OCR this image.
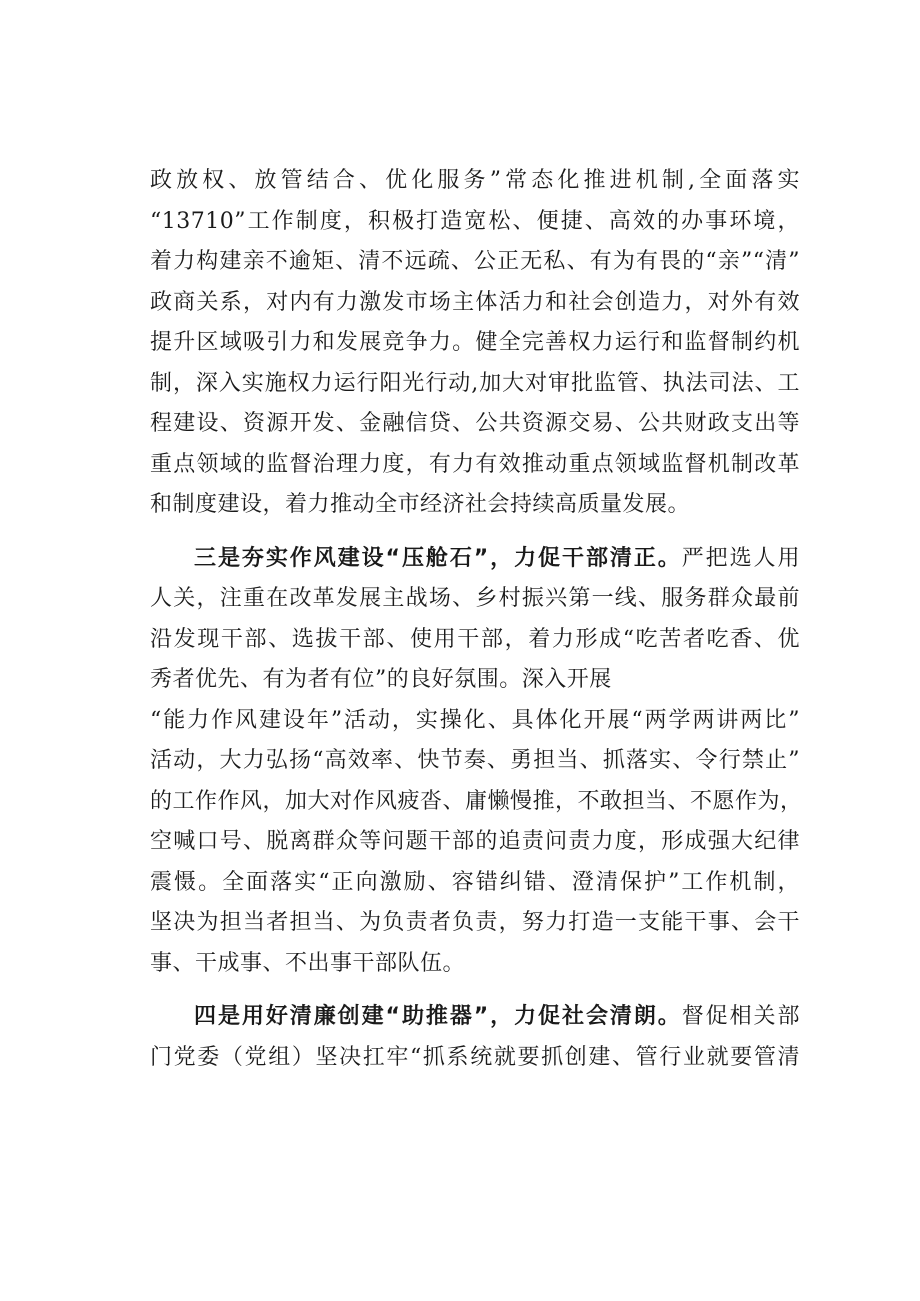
政放权、放管结合、优化服务”常态化推进机制,全面落实
“13710”工作制度，积极打造宽松、便捷、高效的办事环境，
着力构建亲不逾矩、清不远疏、公正无私、有为有畏的“亲”“清”
政商关系，对内有力激发市场主体活力和社会创造力，对外有效
提升区域吸引力和发展竞争力。健全完善权力运行和监督制约机
制，深入实施权力运行阳光行动,加大对审批监管、执法司法、工
程建设、资源开发、金融信贷、公共资源交易、公共财政支出等
重点领域的监督治理力度，有力有效推动重点领域监督机制改革
和制度建设，着力推动全市经济社会持续高质量发展。
三是夯实作风建设“压舱石”，力促干部清正。严把选人用
人关，注重在改革发展主战场、乡村振兴第一线、服务群众最前
沿发现干部、选拔干部、使用干部，着力形成“吃苦者吃香、优
秀者优先、有为者有位”的良好氛围。深入开展
“能力作风建设年”活动，实操化、具体化开展“两学两讲两比”
活动，大力弘扬“高效率、快节奏、勇担当、抓落实、令行禁止”
的工作作风，加大对作风疲沓、庸懒慢推，不敢担当、不愿作为，
空喊口号、脱离群众等问题干部的追责问责力度，形成强大纪律
震慑。全面落实“正向激励、容错纠错、澄清保护”工作机制，
坚决为担当者担当、为负责者负责，努力打造一支能干事、会干
事、干成事、不出事干部队伍。
四是用好清廉创建“助推器”，力促社会清朗。督促相关部
门党委（党组）坚决扛牢“抓系统就要抓创建、管行业就要管清
